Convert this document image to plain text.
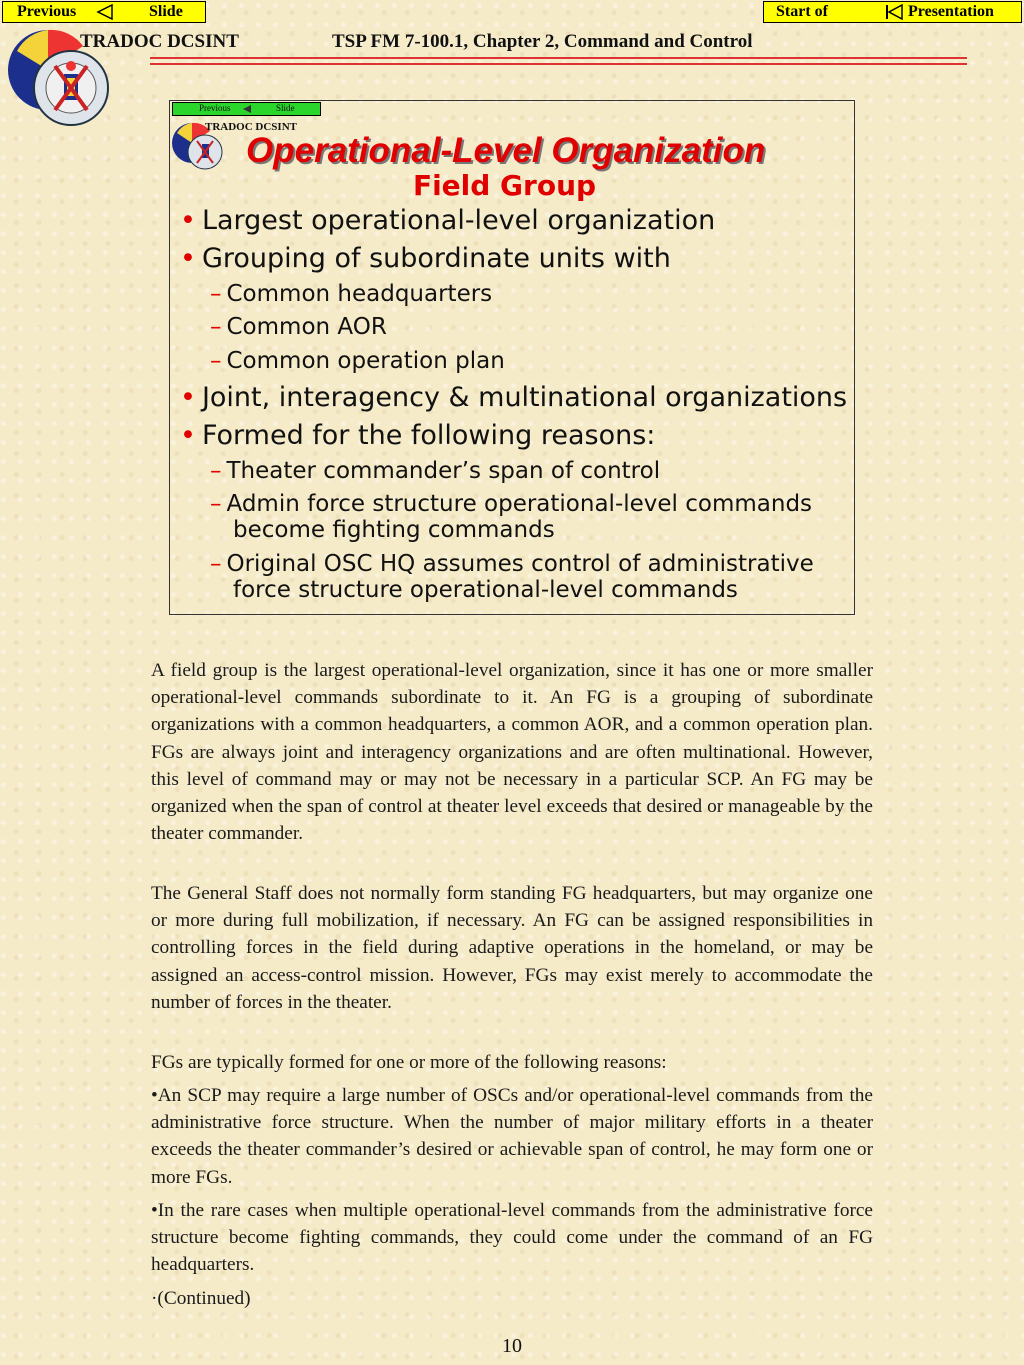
Previous	Slide	Start of	Presentation
TRADOC DCSINT	TSP FM 7-100.1, Chapter 2, Command and Control
Previous	Slide
TRADOC DCSINT
Operational-Level Organization
Field Group
• Largest operational-level organization
• Grouping of subordinate units with
– Common headquarters
– Common AOR
– Common operation plan
• Joint, interagency & multinational organizations
• Formed for the following reasons:
– Theater commander’s span of control
– Admin force structure operational-level commands
become fighting commands
– Original OSC HQ assumes control of administrative
force structure operational-level commands

A field group is the largest operational-level organization, since it has one or more smaller operational-level commands subordinate to it. An FG is a grouping of subordinate organizations with a common headquarters, a common AOR, and a common operation plan. FGs are always joint and interagency organizations and are often multinational. However, this level of command may or may not be necessary in a particular SCP. An FG may be organized when the span of control at theater level exceeds that desired or manageable by the theater commander.

The General Staff does not normally form standing FG headquarters, but may organize one or more during full mobilization, if necessary. An FG can be assigned responsibilities in controlling forces in the field during adaptive operations in the homeland, or may be assigned an access-control mission. However, FGs may exist merely to accommodate the number of forces in the theater.

FGs are typically formed for one or more of the following reasons:

•An SCP may require a large number of OSCs and/or operational-level commands from the administrative force structure. When the number of major military efforts in a theater exceeds the theater commander’s desired or achievable span of control, he may form one or more FGs.

•In the rare cases when multiple operational-level commands from the administrative force structure become fighting commands, they could come under the command of an FG headquarters.

·(Continued)

10
